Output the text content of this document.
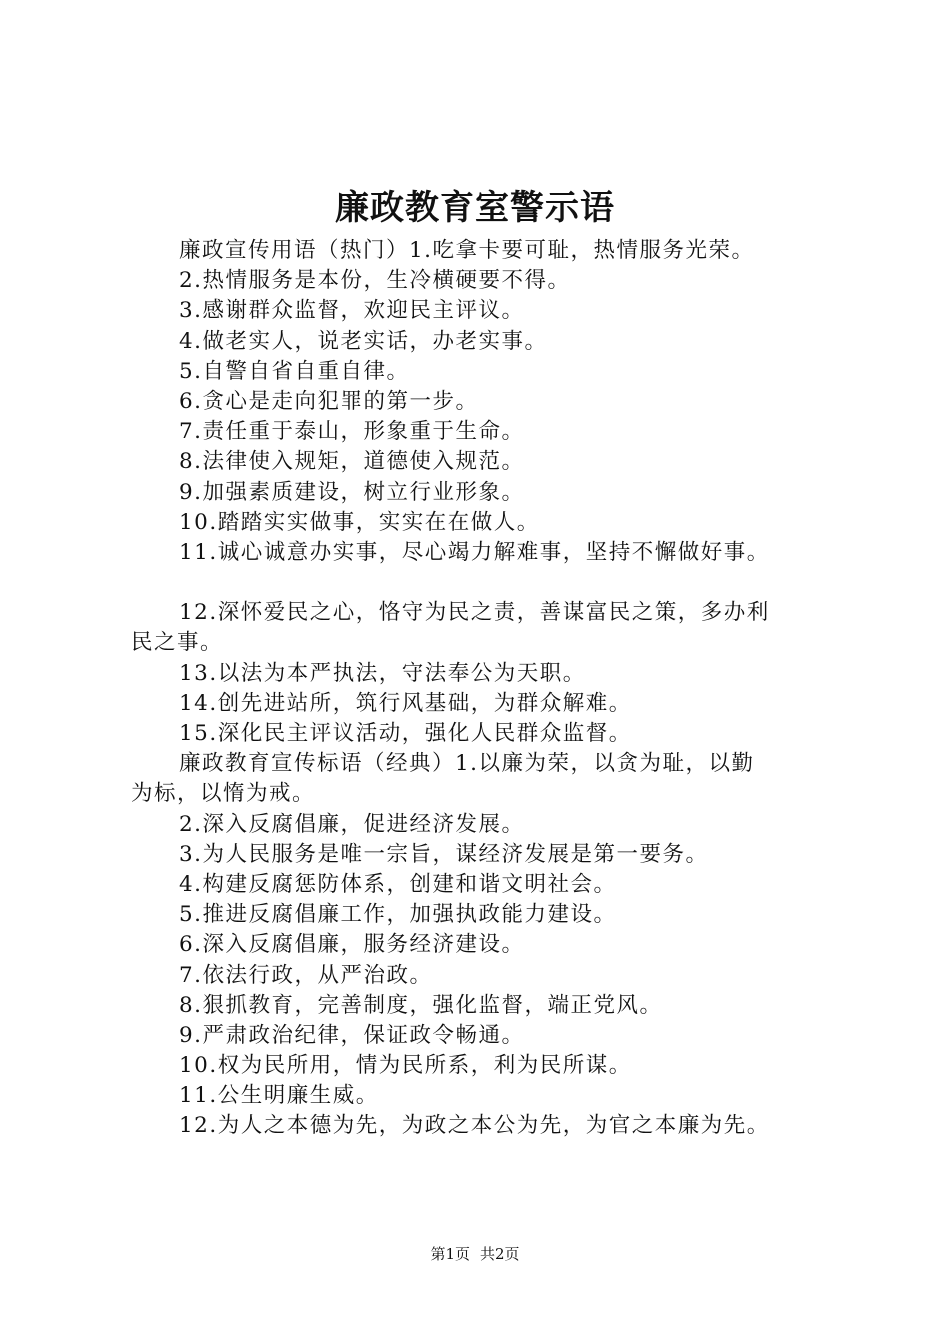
廉政教育室警示语
廉政宣传用语（热门）1.吃拿卡要可耻，热情服务光荣。
2.热情服务是本份，生冷横硬要不得。
3.感谢群众监督，欢迎民主评议。
4.做老实人，说老实话，办老实事。
5.自警自省自重自律。
6.贪心是走向犯罪的第一步。
7.责任重于泰山，形象重于生命。
8.法律使入规矩，道德使入规范。
9.加强素质建设，树立行业形象。
10.踏踏实实做事，实实在在做人。
11.诚心诚意办实事，尽心竭力解难事，坚持不懈做好事。
12.深怀爱民之心，恪守为民之责，善谋富民之策，多办利
民之事。
13.以法为本严执法，守法奉公为天职。
14.创先进站所，筑行风基础，为群众解难。
15.深化民主评议活动，强化人民群众监督。
廉政教育宣传标语（经典）1.以廉为荣，以贪为耻，以勤
为标，以惰为戒。
2.深入反腐倡廉，促进经济发展。
3.为人民服务是唯一宗旨，谋经济发展是第一要务。
4.构建反腐惩防体系，创建和谐文明社会。
5.推进反腐倡廉工作，加强执政能力建设。
6.深入反腐倡廉，服务经济建设。
7.依法行政，从严治政。
8.狠抓教育，完善制度，强化监督，端正党风。
9.严肃政治纪律，保证政令畅通。
10.权为民所用，情为民所系，利为民所谋。
11.公生明廉生威。
12.为人之本德为先，为政之本公为先，为官之本廉为先。
第1页 共2页
